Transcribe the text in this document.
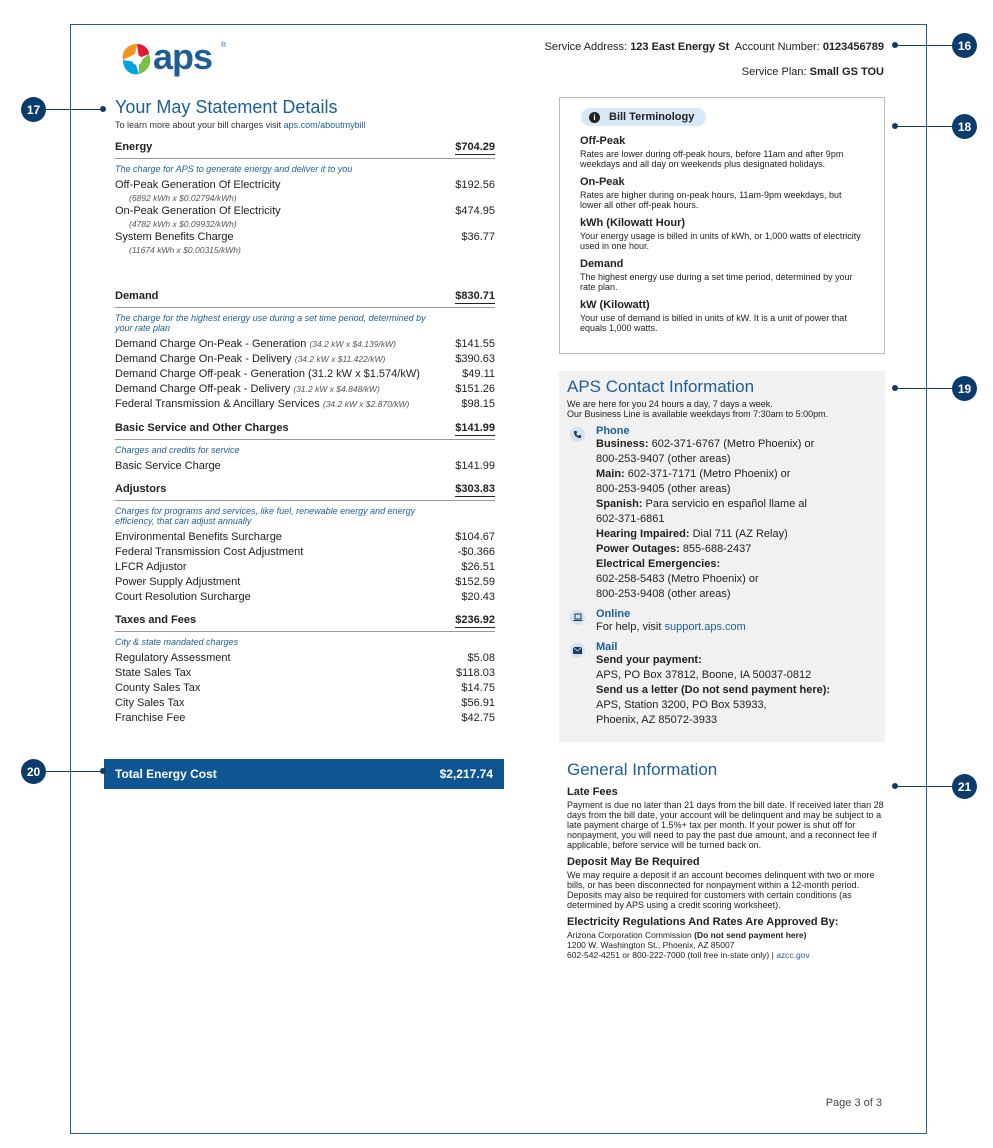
aps ®	Service Address: 123 East Energy St Account Number: 0123456789
Service Plan: Small GS TOU
Your May Statement Details
To learn more about your bill charges visit aps.com/aboutmybill
Energy	$704.29
The charge for APS to generate energy and deliver it to you
Off-Peak Generation Of Electricity	$192.56
(6892 kWh x $0.02794/kWh)
On-Peak Generation Of Electricity	$474.95
(4782 kWh x $0.09932/kWh)
System Benefits Charge	$36.77
(11674 kWh x $0.00315/kWh)
Demand	$830.71
The charge for the highest energy use during a set time period, determined by your rate plan
Demand Charge On-Peak - Generation (34.2 kW x $4.139/kW)	$141.55
Demand Charge On-Peak - Delivery (34.2 kW x $11.422/kW)	$390.63
Demand Charge Off-peak - Generation (31.2 kW x $1.574/kW)	$49.11
Demand Charge Off-peak - Delivery (31.2 kW x $4.848/kW)	$151.26
Federal Transmission & Ancillary Services (34.2 kW x $2.870/kW)	$98.15
Basic Service and Other Charges	$141.99
Charges and credits for service
Basic Service Charge	$141.99
Adjustors	$303.83
Charges for programs and services, like fuel, renewable energy and energy efficiency, that can adjust annually
Environmental Benefits Surcharge	$104.67
Federal Transmission Cost Adjustment	-$0.366
LFCR Adjustor	$26.51
Power Supply Adjustment	$152.59
Court Resolution Surcharge	$20.43
Taxes and Fees	$236.92
City & state mandated charges
Regulatory Assessment	$5.08
State Sales Tax	$118.03
County Sales Tax	$14.75
City Sales Tax	$56.91
Franchise Fee	$42.75
Total Energy Cost	$2,217.74
i	Bill Terminology
Off-Peak
Rates are lower during off-peak hours, before 11am and after 9pm weekdays and all day on weekends plus designated holidays.
On-Peak
Rates are higher during on-peak hours, 11am-9pm weekdays, but lower all other off-peak hours.
kWh (Kilowatt Hour)
Your energy usage is billed in units of kWh, or 1,000 watts of electricity used in one hour.
Demand
The highest energy use during a set time period, determined by your rate plan.
kW (Kilowatt)
Your use of demand is billed in units of kW. It is a unit of power that equals 1,000 watts.
APS Contact Information
We are here for you 24 hours a day, 7 days a week.
Our Business Line is available weekdays from 7:30am to 5:00pm.
Phone
Business: 602-371-6767 (Metro Phoenix) or
800-253-9407 (other areas)
Main: 602-371-7171 (Metro Phoenix) or
800-253-9405 (other areas)
Spanish: Para servicio en español llame al
602-371-6861
Hearing Impaired: Dial 711 (AZ Relay)
Power Outages: 855-688-2437
Electrical Emergencies:
602-258-5483 (Metro Phoenix) or
800-253-9408 (other areas)
Online
For help, visit support.aps.com
Mail
Send your payment:
APS, PO Box 37812, Boone, IA 50037-0812
Send us a letter (Do not send payment here):
APS, Station 3200, PO Box 53933,
Phoenix, AZ 85072-3933
General Information
Late Fees
Payment is due no later than 21 days from the bill date. If received later than 28 days from the bill date, your account will be delinquent and may be subject to a late payment charge of 1.5%+ tax per month. If your power is shut off for nonpayment, you will need to pay the past due amount, and a reconnect fee if applicable, before service will be turned back on.
Deposit May Be Required
We may require a deposit if an account becomes delinquent with two or more bills, or has been disconnected for nonpayment within a 12-month period. Deposits may also be required for customers with certain conditions (as determined by APS using a credit scoring worksheet).
Electricity Regulations And Rates Are Approved By:
Arizona Corporation Commission (Do not send payment here)
1200 W. Washington St., Phoenix, AZ 85007
602-542-4251 or 800-222-7000 (toll free in-state only) | azcc.gov
Page 3 of 3
16
17
18
19
20
21
